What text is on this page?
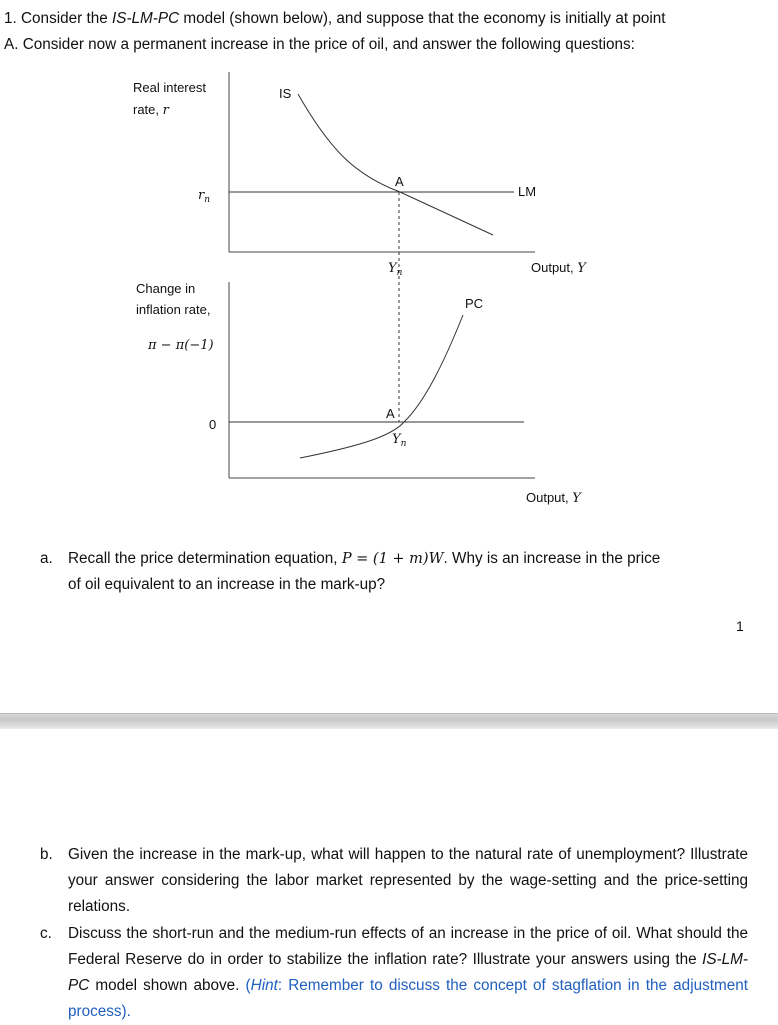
1. Consider the IS-LM-PC model (shown below), and suppose that the economy is initially at point
A. Consider now a permanent increase in the price of oil, and answer the following questions:
Real interest
rate, r
$r_n$
IS
A
LM
$Y_n$	Output, Y
Change in
inflation rate,
π − π(−1)
0
PC
A
$Y_n$
Output, Y
a. Recall the price determination equation, P = (1 + m)W. Why is an increase in the price
of oil equivalent to an increase in the mark-up?
1
b. Given the increase in the mark-up, what will happen to the natural rate of unemployment? Illustrate your answer considering the labor market represented by the wage-setting and the price-setting relations.
c. Discuss the short-run and the medium-run effects of an increase in the price of oil. What should the Federal Reserve do in order to stabilize the inflation rate? Illustrate your answers using the IS-LM-PC model shown above. (Hint: Remember to discuss the concept of stagflation in the adjustment process).
